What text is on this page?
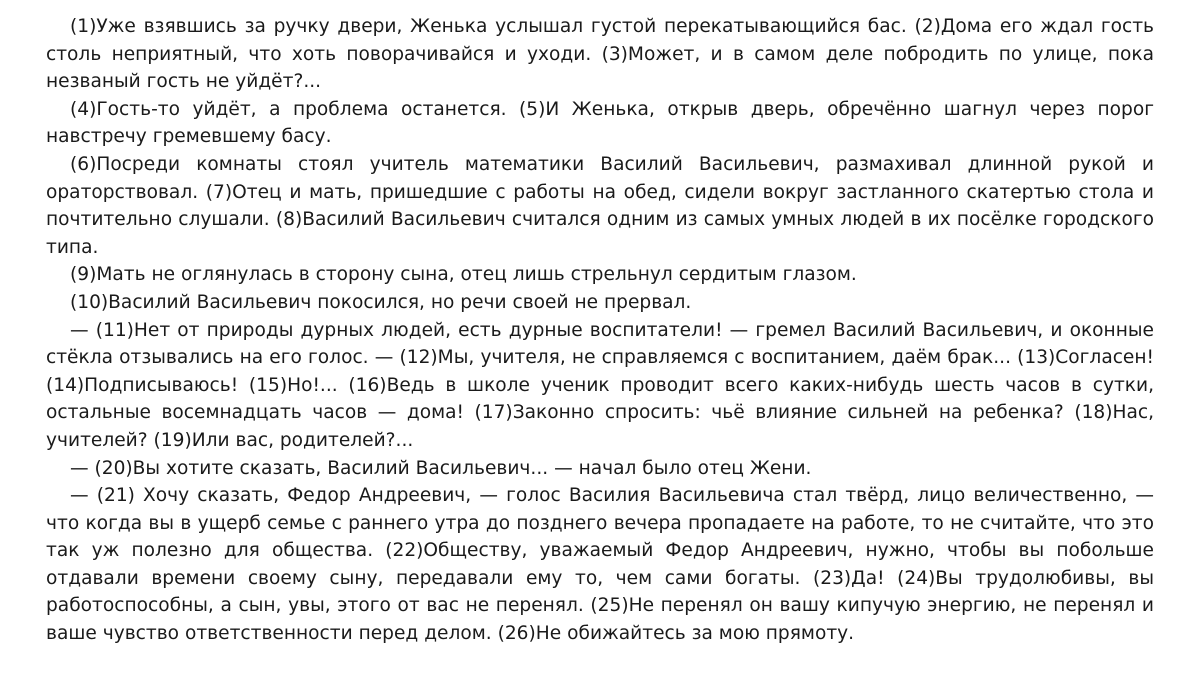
(1)Уже взявшись за ручку двери, Женька услышал густой перекатывающийся бас. (2)Дома его ждал гость столь неприятный, что хоть поворачивайся и уходи. (3)Может, и в самом деле побродить по улице, пока незваный гость не уйдёт?...

(4)Гость-то уйдёт, а проблема останется. (5)И Женька, открыв дверь, обречённо шагнул через порог навстречу гремевшему басу.

(6)Посреди комнаты стоял учитель математики Василий Васильевич, размахивал длинной рукой и ораторствовал. (7)Отец и мать, пришедшие с работы на обед, сидели вокруг застланного скатертью стола и почтительно слушали. (8)Василий Васильевич считался одним из самых умных людей в их посёлке городского типа.

(9)Мать не оглянулась в сторону сына, отец лишь стрельнул сердитым глазом.

(10)Василий Васильевич покосился, но речи своей не прервал.

— (11)Нет от природы дурных людей, есть дурные воспитатели! — гремел Василий Васильевич, и оконные стёкла отзывались на его голос. — (12)Мы, учителя, не справляемся с воспитанием, даём брак... (13)Согласен! (14)Подписываюсь! (15)Но!... (16)Ведь в школе ученик проводит всего каких-нибудь шесть часов в сутки, остальные восемнадцать часов — дома! (17)Законно спросить: чьё влияние сильней на ребенка? (18)Нас, учителей? (19)Или вас, родителей?...

— (20)Вы хотите сказать, Василий Васильевич... — начал было отец Жени.

— (21) Хочу сказать, Федор Андреевич, — голос Василия Васильевича стал твёрд, лицо величественно, — что когда вы в ущерб семье с раннего утра до позднего вечера пропадаете на работе, то не считайте, что это так уж полезно для общества. (22)Обществу, уважаемый Федор Андреевич, нужно, чтобы вы побольше отдавали времени своему сыну, передавали ему то, чем сами богаты. (23)Да! (24)Вы трудолюбивы, вы работоспособны, а сын, увы, этого от вас не перенял. (25)Не перенял он вашу кипучую энергию, не перенял и ваше чувство ответственности перед делом. (26)Не обижайтесь за мою прямоту.
